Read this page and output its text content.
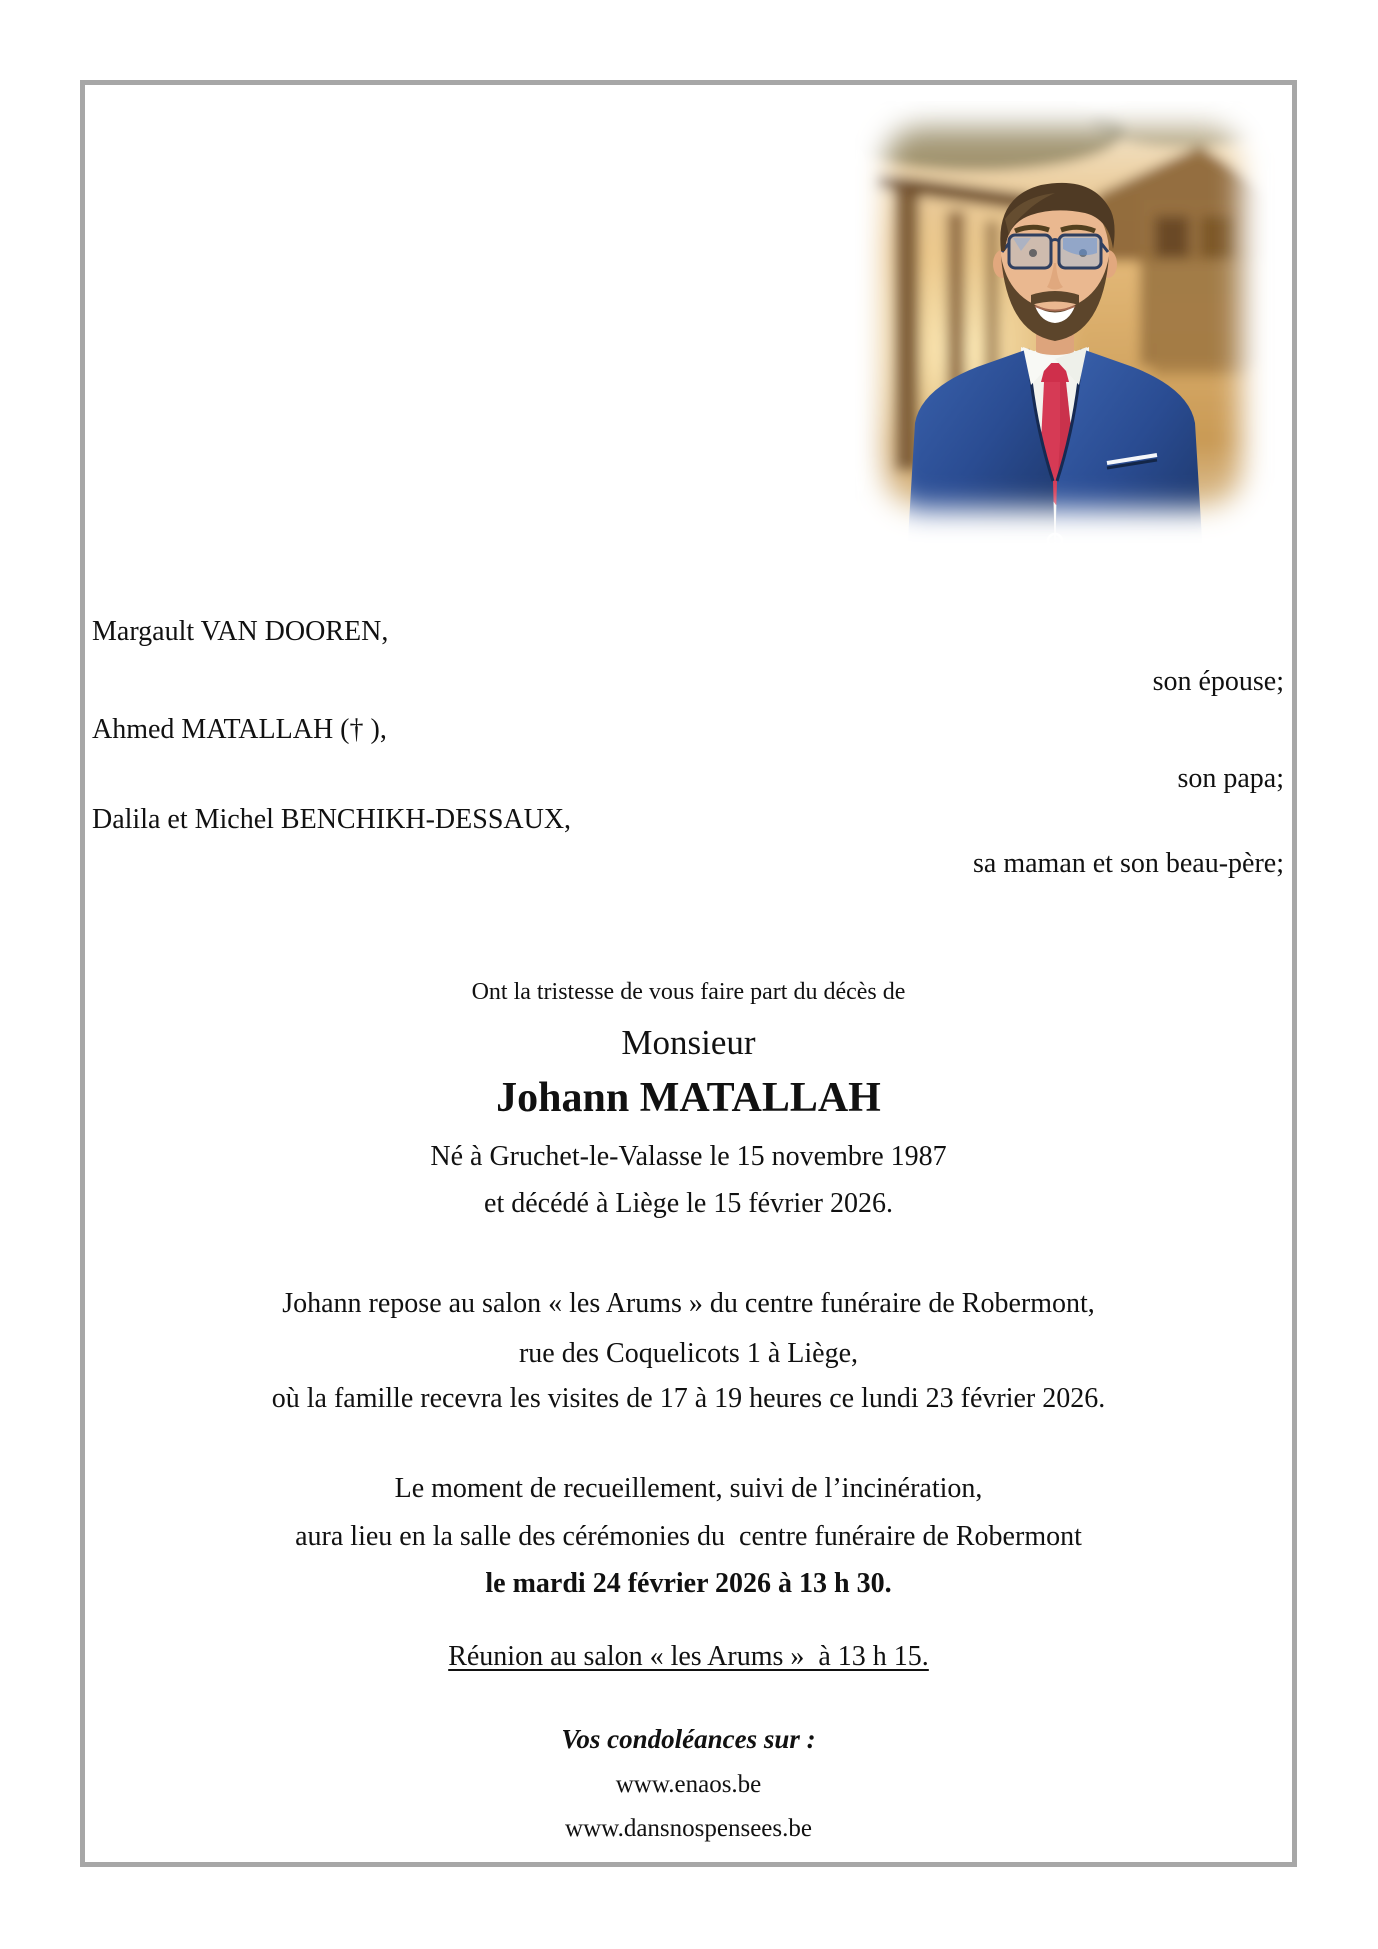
Margault VAN DOOREN,
son épouse;
Ahmed MATALLAH († ),
son papa;
Dalila et Michel BENCHIKH-DESSAUX,
sa maman et son beau-père;
Ont la tristesse de vous faire part du décès de
Monsieur
Johann MATALLAH
Né à Gruchet-le-Valasse le 15 novembre 1987
et décédé à Liège le 15 février 2026.
Johann repose au salon « les Arums » du centre funéraire de Robermont,
rue des Coquelicots 1 à Liège,
où la famille recevra les visites de 17 à 19 heures ce lundi 23 février 2026.
Le moment de recueillement, suivi de l’incinération,
aura lieu en la salle des cérémonies du  centre funéraire de Robermont
le mardi 24 février 2026 à 13 h 30.
Réunion au salon « les Arums »  à 13 h 15.
Vos condoléances sur :
www.enaos.be
www.dansnospensees.be
